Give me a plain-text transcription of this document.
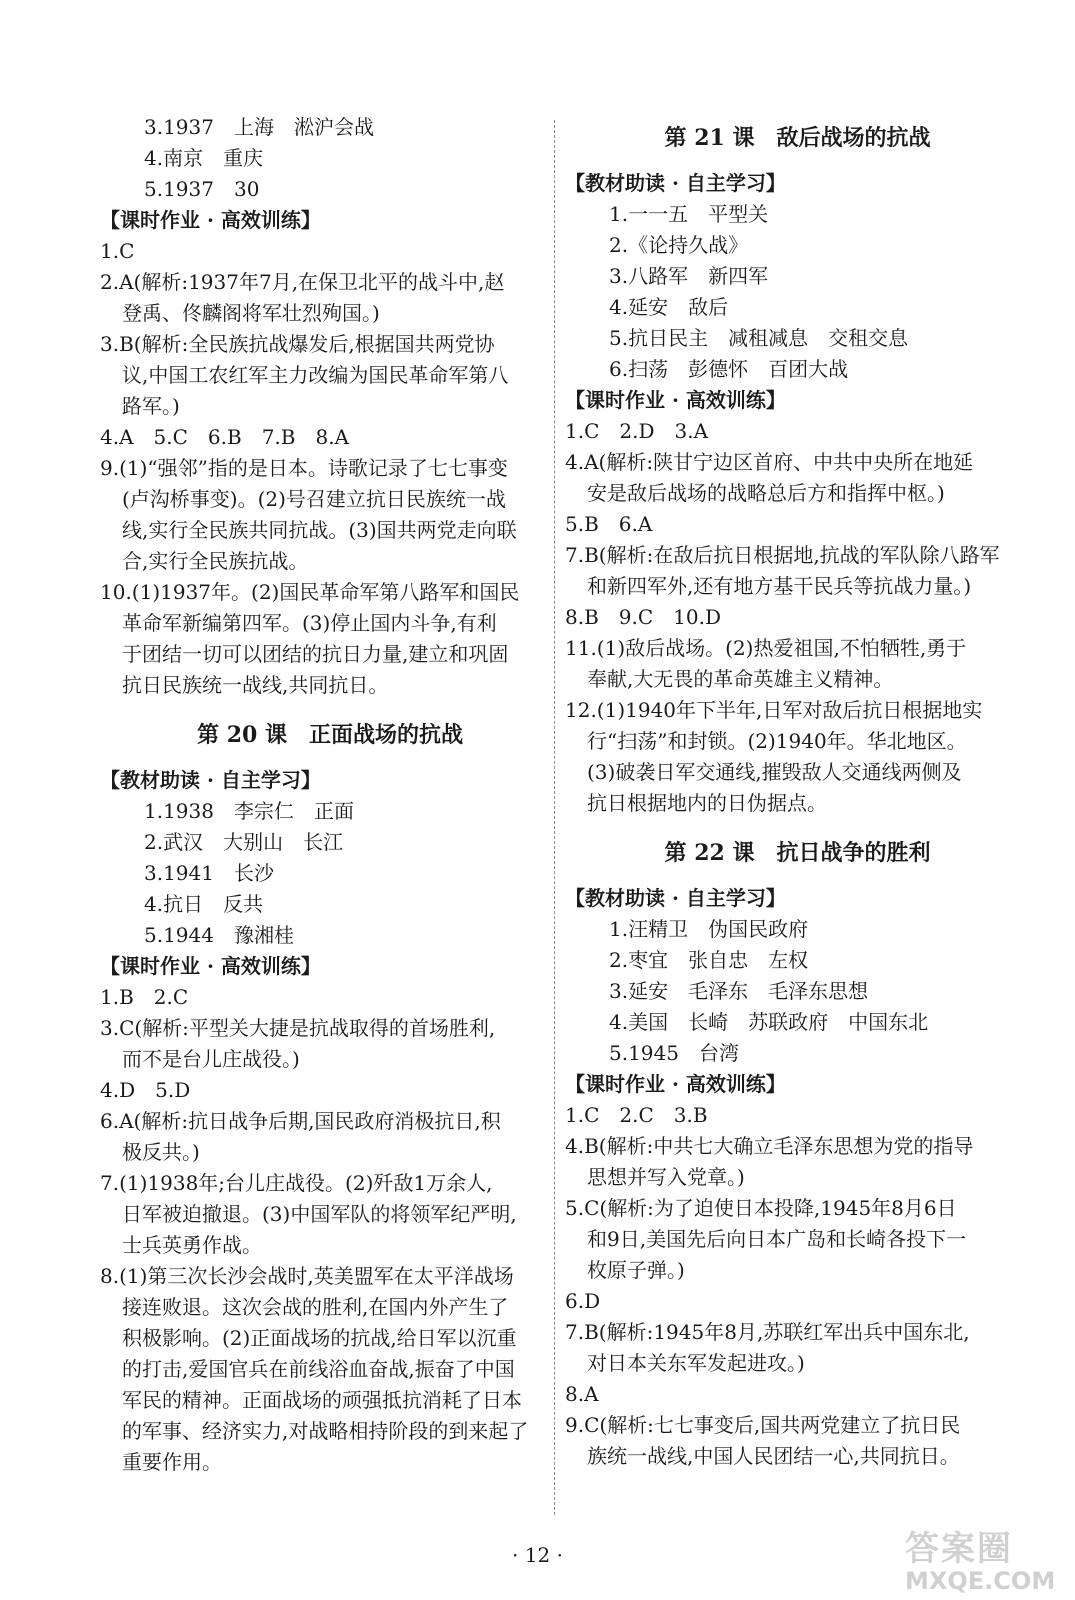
3.1937　上海　淞沪会战
4.南京　重庆
5.1937　30
【课时作业 · 高效训练】
1.C
2.A(解析:1937年7月,在保卫北平的战斗中,赵
登禹、佟麟阁将军壮烈殉国。)
3.B(解析:全民族抗战爆发后,根据国共两党协
议,中国工农红军主力改编为国民革命军第八
路军。)
4.A　5.C　6.B　7.B　8.A
9.(1)“强邻”指的是日本。诗歌记录了七七事变
(卢沟桥事变)。(2)号召建立抗日民族统一战
线,实行全民族共同抗战。(3)国共两党走向联
合,实行全民族抗战。
10.(1)1937年。(2)国民革命军第八路军和国民
革命军新编第四军。(3)停止国内斗争,有利
于团结一切可以团结的抗日力量,建立和巩固
抗日民族统一战线,共同抗日。
第 20 课　正面战场的抗战
【教材助读 · 自主学习】
1.1938　李宗仁　正面
2.武汉　大别山　长江
3.1941　长沙
4.抗日　反共
5.1944　豫湘桂
【课时作业 · 高效训练】
1.B　2.C
3.C(解析:平型关大捷是抗战取得的首场胜利,
而不是台儿庄战役。)
4.D　5.D
6.A(解析:抗日战争后期,国民政府消极抗日,积
极反共。)
7.(1)1938年;台儿庄战役。(2)歼敌1万余人,
日军被迫撤退。(3)中国军队的将领军纪严明,
士兵英勇作战。
8.(1)第三次长沙会战时,英美盟军在太平洋战场
接连败退。这次会战的胜利,在国内外产生了
积极影响。(2)正面战场的抗战,给日军以沉重
的打击,爱国官兵在前线浴血奋战,振奋了中国
军民的精神。正面战场的顽强抵抗消耗了日本
的军事、经济实力,对战略相持阶段的到来起了
重要作用。
第 21 课　敌后战场的抗战
【教材助读 · 自主学习】
1.一一五　平型关
2.《论持久战》
3.八路军　新四军
4.延安　敌后
5.抗日民主　减租减息　交租交息
6.扫荡　彭德怀　百团大战
【课时作业 · 高效训练】
1.C　2.D　3.A
4.A(解析:陕甘宁边区首府、中共中央所在地延
安是敌后战场的战略总后方和指挥中枢。)
5.B　6.A
7.B(解析:在敌后抗日根据地,抗战的军队除八路军
和新四军外,还有地方基干民兵等抗战力量。)
8.B　9.C　10.D
11.(1)敌后战场。(2)热爱祖国,不怕牺牲,勇于
奉献,大无畏的革命英雄主义精神。
12.(1)1940年下半年,日军对敌后抗日根据地实
行“扫荡”和封锁。(2)1940年。华北地区。
(3)破袭日军交通线,摧毁敌人交通线两侧及
抗日根据地内的日伪据点。
第 22 课　抗日战争的胜利
【教材助读 · 自主学习】
1.汪精卫　伪国民政府
2.枣宜　张自忠　左权
3.延安　毛泽东　毛泽东思想
4.美国　长崎　苏联政府　中国东北
5.1945　台湾
【课时作业 · 高效训练】
1.C　2.C　3.B
4.B(解析:中共七大确立毛泽东思想为党的指导
思想并写入党章。)
5.C(解析:为了迫使日本投降,1945年8月6日
和9日,美国先后向日本广岛和长崎各投下一
枚原子弹。)
6.D
7.B(解析:1945年8月,苏联红军出兵中国东北,
对日本关东军发起进攻。)
8.A
9.C(解析:七七事变后,国共两党建立了抗日民
族统一战线,中国人民团结一心,共同抗日。
· 12 ·	答案圈
MXQE.COM
